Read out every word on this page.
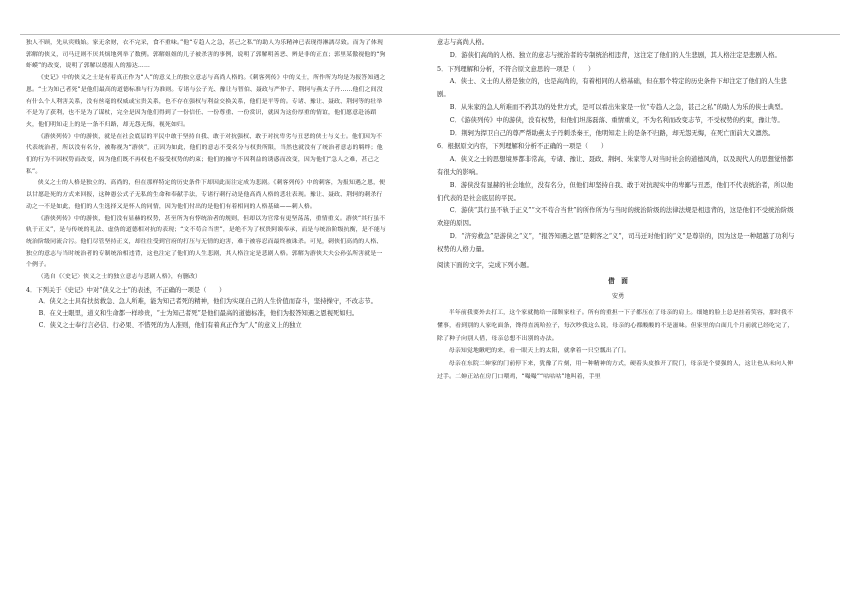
独人不顾，先从宾贱始。家无余财，衣不完采，食不重味。”他“专趋人之急，甚己之私”的助人为乐精神已表现得淋漓尽致。而为了体现郭解的侠义，司马迁则不厌其烦地列举了数例。郭解姐姐的儿子被杀害的事例，说明了郭解明善恶、辨是非的正直；郭里某傲视他的“狗虾蟆”的改变，说明了郭解以德报人的豁达……

《史记》中的侠义之士是有着真正作为“人”的意义上的独立意志与高尚人格的。《刺客列传》中的义士，所作所为均是为报答知遇之恩。“士为知己者死”是他们最高的道德标准与行为准则。专诸与公子光、豫让与智伯、聂政与严仲子、荆轲与燕太子丹……他们之间没有什么个人利害关系，没有丝毫的权威或宝贵关系，也不存在强权与利益交换关系，他们是平等的。专诸、豫让、聂政、荆轲等的壮举不是为了获利，也不是为了谋杖，完全是因为他们得到了一份信任、一份尊重、一份赏识，就因为这份厚重的情谊，他们愿意赴汤蹈火，他们明知走上的是一条不归路，却无怨无悔，视死如归。

《游侠列传》中的游侠，就是在社会底层的平民中敢于坚持自我、敢于对抗强权、敢于对抗卑劣与丑恶的侠士与义士。他们因为不代表统治者，所以没有名分，被称视为“游侠”，正因为如此，他们的意志不受名分与权贵所限，当然也就没有了统治者意志的羁绊；他们的行为不因权势而改变，因为他们既不再权也不接受权势的约束；他们的操守不因利益的诱惑而改变，因为他们“急人之难，甚己之私”。

侠义之士的人格是独立的、高尚的，但在那样特定的历史条件下却因此而注定成为悲剧。《刺客列传》中的刺客，为报知遇之恩，便以甘愿赴死的方式来回报，这种愚公式子无私的生命和奉献手法，专诸行刺行动是他高尚人格的悲壮表现。豫让、聂政、荆轲的刺杀行动之一不是如此，他们的人生选择又是怀人的同情，因为他们付出的是他们有着相同的人格基础——刺人格。

《游侠列传》中的游侠，他们没有显赫的权势，甚至所为有悖统治者的规则，但却以为官常有更坚荡荡，重情重义。游侠“其行虽不轨于正义”，是与传统的礼法、虚伪的道德相对抗的表现；“文不苟合当世”，是绝不为了权贵阿谀奉承，而是与统治阶级抗衡，是不能与统治阶级同流合污。他们尽管坚持正义，却往往受到官府的打压与无情的迫害，难于被容忍而最终被诛杀。可见，刺侠们高尚的人格、独立的意志与当时统治者的专制统治相违背，这也注定了他们的人生悲剧，其人格注定是悲剧人格。郭解为游侠大夫公孙弘所害就是一个例子。

（选自《〈史记〉侠义之士的独立意志与悲剧人格》，有删改）

4．下列关于《史记》中对“侠义之士”的表述，不正确的一项是（　　）

A．侠义之士具有扶贫救急、急人所难，能为知己者死的精神，他们为实现自己的人生价值而奋斗，坚持操守，不改志节。

B．在义士眼里，道义和生命都一样珍贵，“士为知己者死”是他们最高的道德标准，他们为报答知遇之恩视死如归。

C．侠义之士奉行言必信、行必果、不惜死的为人准则，他们有着真正作为“人”的意义上的独立

意志与高尚人格。

D．游侠们高尚的人格、独立的意志与统治者的专制统治相违背，这注定了他们的人生悲剧，其人格注定是悲剧人格。

5．下列理解和分析，不符合原文意思的一项是（　　）

A．侠士、义士的人格是独立的，也是高尚的，有着相同的人格基础，但在那个特定的历史条件下却注定了他们的人生悲剧。

B．从朱家的急人所难而不矜其功的处世方式，是可以看出朱家是一位“专趋人之急，甚己之私”的助人为乐的侠士典型。

C．《游侠列传》中的游侠，没有权势，但他们坦荡磊落、重情重义，不为名利而改变志节，不受权势的约束，豫让等。

D．荆轲为捍卫自己的尊严帮助燕太子丹刺杀秦王，他明知走上的是条不归路，却无怨无悔，在死亡面前大义凛然。

6．根据原文内容，下列理解和分析不正确的一项是（　　）

A．侠义之士的思想境界都非常高，专诸、豫让、聂政、荆轲、朱家等人对当时社会的道德风尚，以及现代人的思想觉悟都有很大的影响。

B．游侠没有显赫的社会地位，没有名分，但他们却坚持自我、敢于对抗现实中的卑鄙与丑恶，他们不代表统治者，所以他们代表的是社会底层的平民。

C．游侠“其行虽不轨于正义”“文不苟合当世”的所作所为与当时的统治阶级的法律法规是相违背的，这是他们不受统治阶级欢迎的原因。

D．“济穷救急”是游侠之“义”，“报答知遇之恩”是刺客之“义”，司马迁对他们的“义”是尊崇的，因为这是一种超越了功利与权势的人格力量。

阅读下面的文字，完成下列小题。

借　面

安勇

半年前我要外去打工，这个家就抛给一部颓家柱子。所有的重担一下子都压在了母亲的肩上。细她的脸上总是挂着笑容，那时我不懂事，看到别的人家吃面条，馋得直流哈拉子，每次吵我这么说，母亲的心都酸酸的不是滋味。但家里的白面几个月前就已经吃完了，除了种子向别人借，母亲总想不出别的办法。

母亲知觉地瞅吧的来，看一眼天上的太阳，就拿着一只空瓢出了门。

母亲在东院二婶家的门前停下来，犹豫了片刻，用一种精神的方式，硬着头皮推开了院门，母亲是个要强的人，这让也从未向人伸过手。二婶正站在房门口喂鸡，“嘬嘬”“咕咕咕”地叫着，手里
